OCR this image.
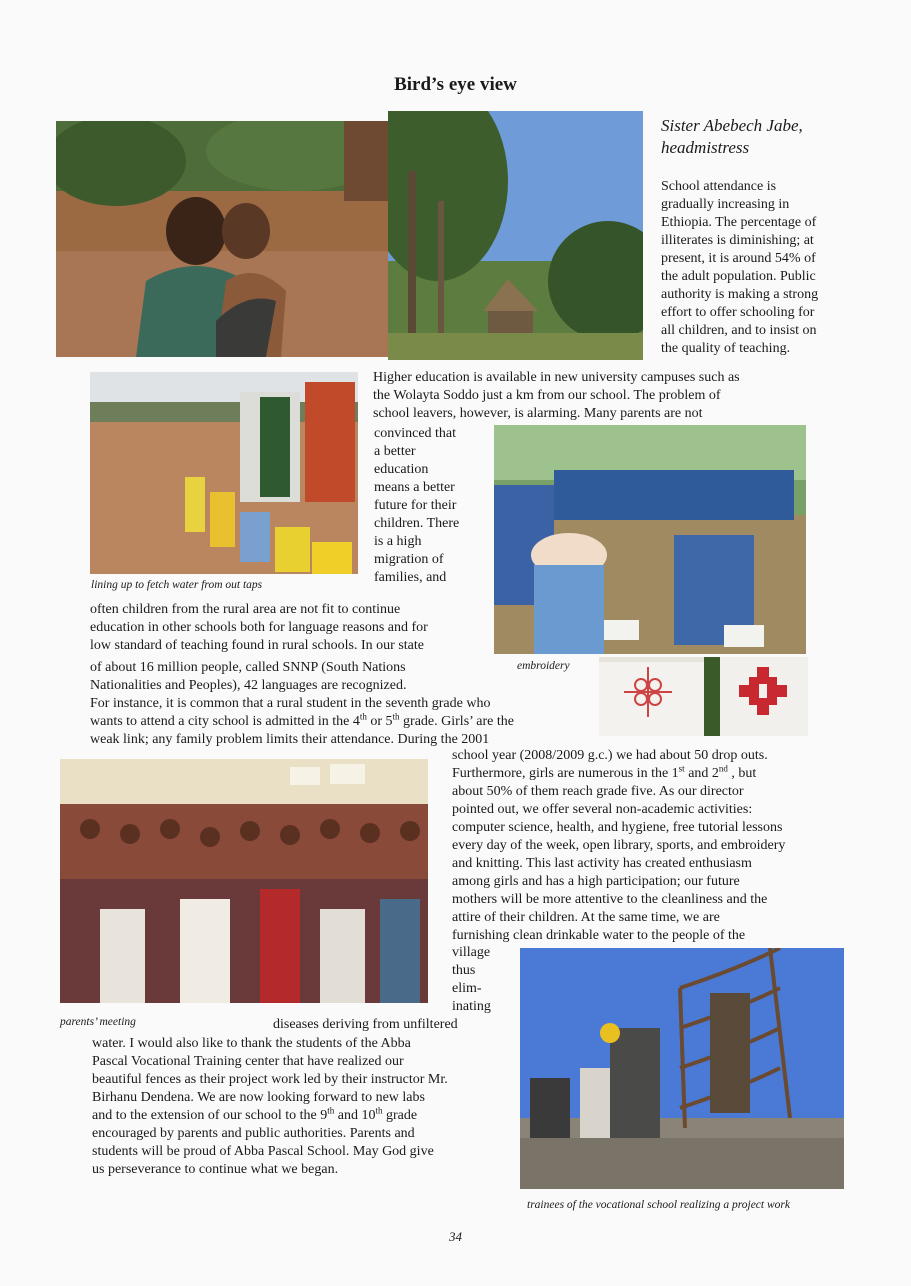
Bird’s eye view
Sister Abebech Jabe,
headmistress
School attendance is
gradually increasing in
Ethiopia. The percentage of
illiterates is diminishing; at
present, it is around 54% of
the adult population. Public
authority is making a strong
effort to offer schooling for
all children, and to insist on
the quality of teaching.
lining up to fetch water from out taps
Higher education is available in new university campuses such as
the Wolayta Soddo just a km from our school. The problem of
school leavers, however, is alarming. Many parents are not
convinced that
a better
education
means a better
future for their
children. There
is a high
migration of
families, and
often children from the rural area are not fit to continue
education in other schools both for language reasons and for
low standard of teaching found in rural schools. In our state
of about 16 million people, called SNNP (South Nations
Nationalities and Peoples), 42 languages are recognized.
embroidery
For instance, it is common that a rural student in the seventh grade who
wants to attend a city school is admitted in the 4th or 5th grade. Girls’ are the
weak link; any family problem limits their attendance. During the 2001
school year (2008/2009 g.c.) we had about 50 drop outs.
Furthermore, girls are numerous in the 1st and 2nd , but
about 50% of them reach grade five. As our director
pointed out, we offer several non-academic activities:
computer science, health, and hygiene, free tutorial lessons
every day of the week, open library, sports, and embroidery
and knitting. This last activity has created enthusiasm
among girls and has a high participation; our future
mothers will be more attentive to the cleanliness and the
attire of their children. At the same time, we are
furnishing clean drinkable water to the people of the
village
thus
elim-
inating
parents’ meeting	diseases deriving from unfiltered
water. I would also like to thank the students of the Abba
Pascal Vocational Training center that have realized our
beautiful fences as their project work led by their instructor Mr.
Birhanu Dendena. We are now looking forward to new labs
and to the extension of our school to the 9th and 10th grade
encouraged by parents and public authorities. Parents and
students will be proud of Abba Pascal School. May God give
us perseverance to continue what we began.
trainees of the vocational school realizing a project work
34
